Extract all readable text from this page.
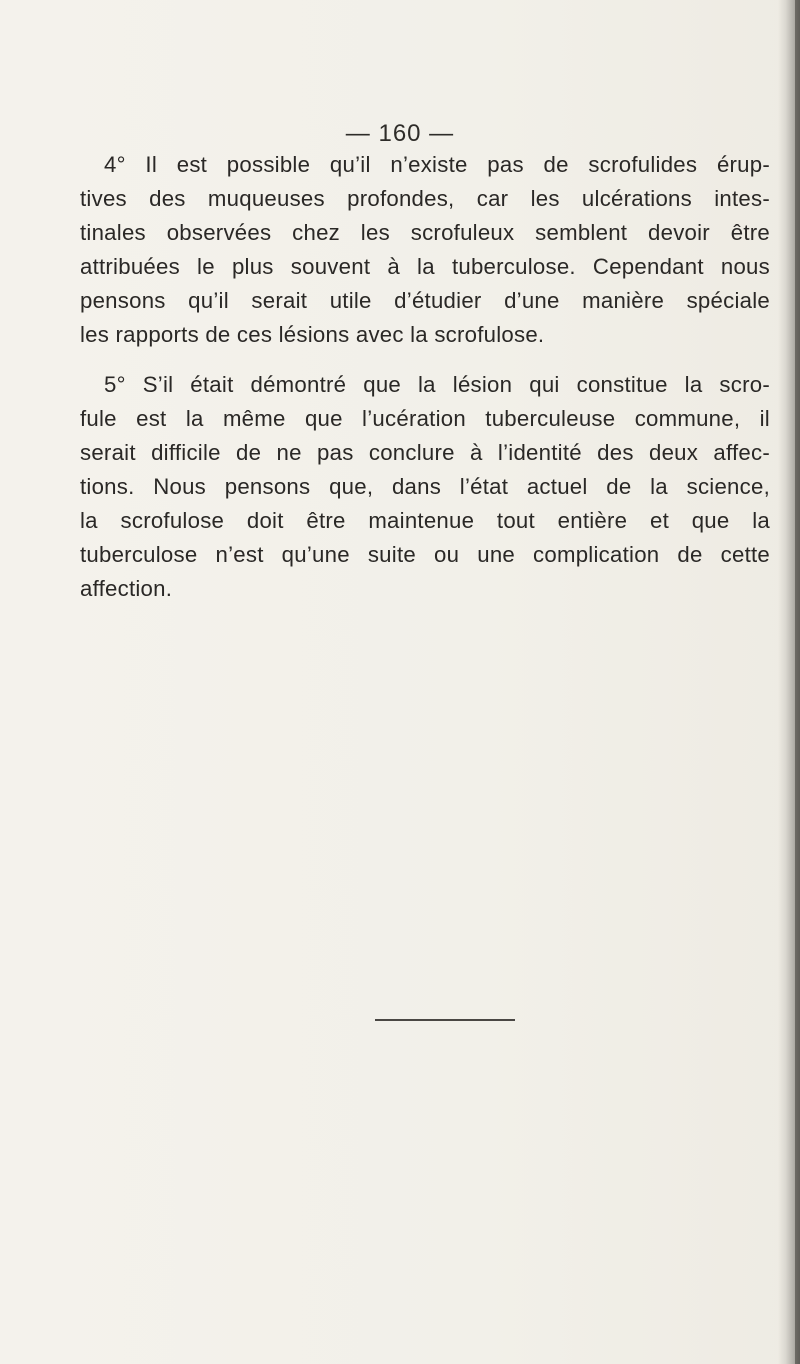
— 160 —
4° Il est possible qu’il n’existe pas de scrofulides érup-
tives des muqueuses profondes, car les ulcérations intes-
tinales observées chez les scrofuleux semblent devoir être
attribuées le plus souvent à la tuberculose. Cependant nous
pensons qu’il serait utile d’étudier d’une manière spéciale
les rapports de ces lésions avec la scrofulose.
5° S’il était démontré que la lésion qui constitue la scro-
fule est la même que l’ucération tuberculeuse commune, il
serait difficile de ne pas conclure à l’identité des deux affec-
tions. Nous pensons que, dans l’état actuel de la science,
la scrofulose doit être maintenue tout entière et que la
tuberculose n’est qu’une suite ou une complication de cette
affection.
